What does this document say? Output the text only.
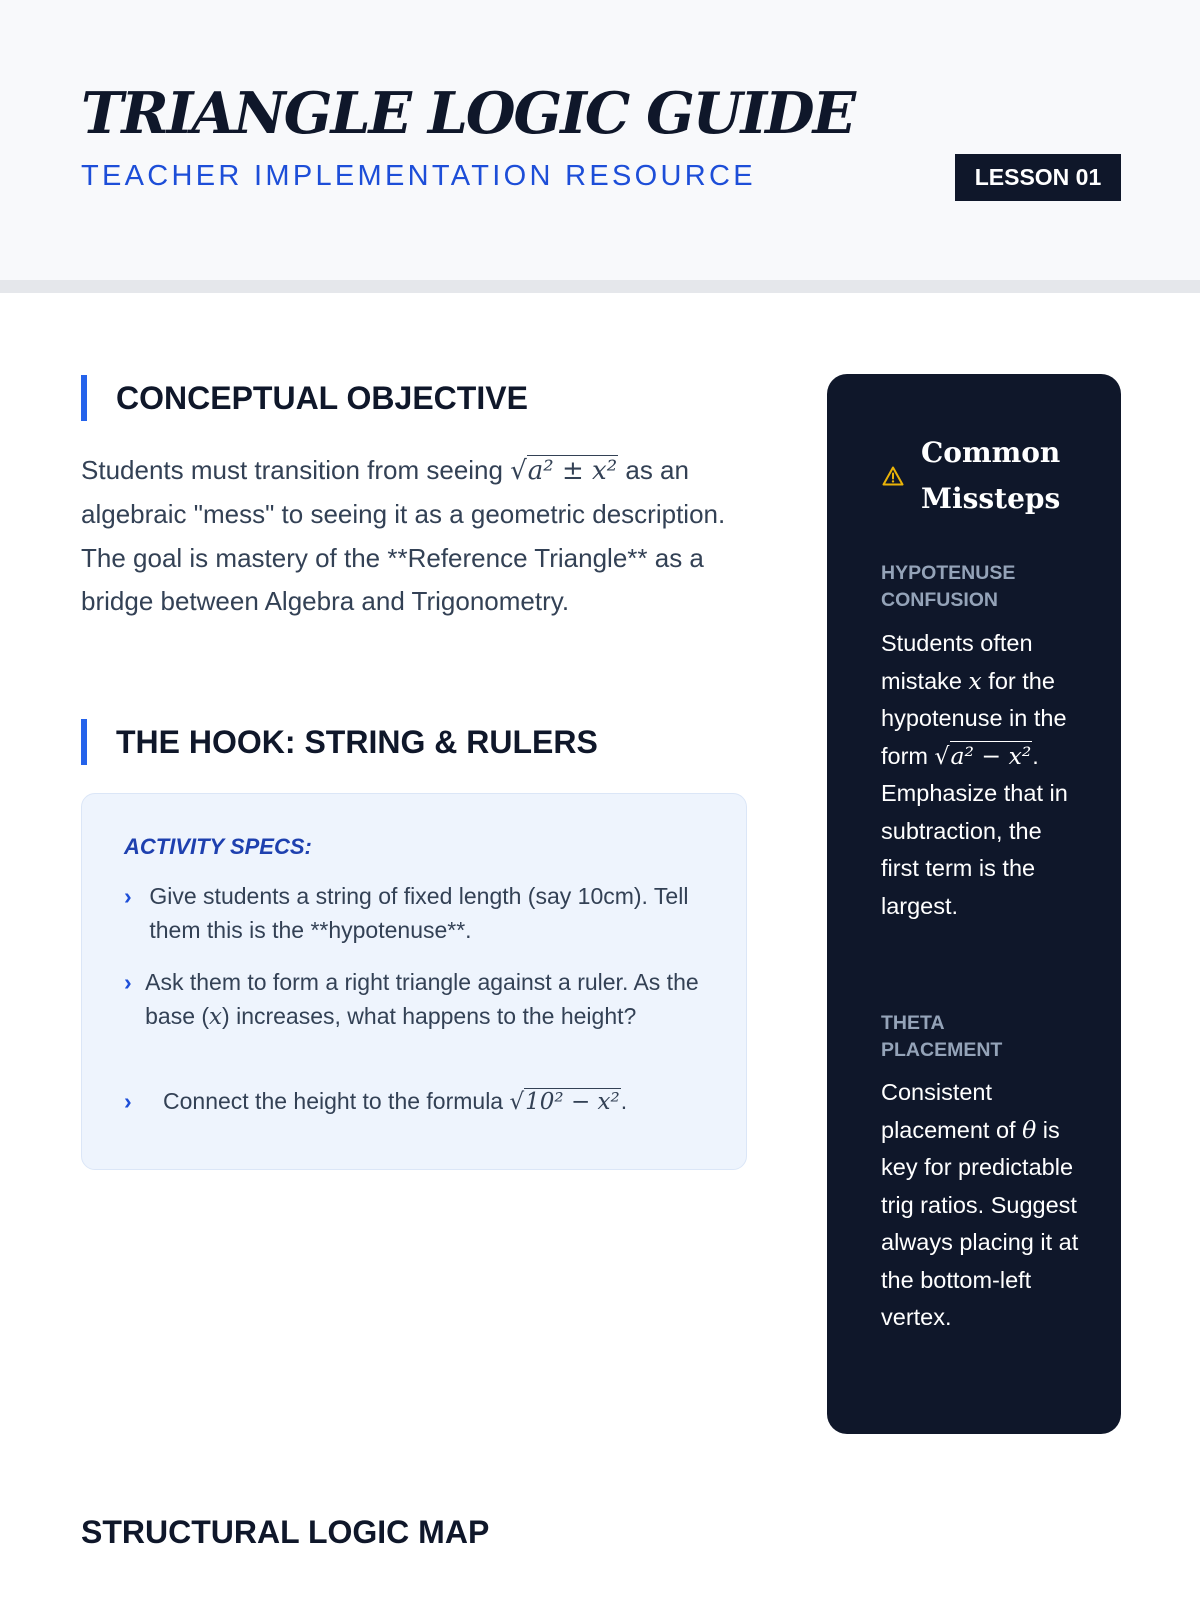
TRIANGLE LOGIC GUIDE
TEACHER IMPLEMENTATION RESOURCE	LESSON 01
CONCEPTUAL OBJECTIVE

Students must transition from seeing √a² ± x² as an algebraic "mess" to seeing it as a geometric description. The goal is mastery of the **Reference Triangle** as a bridge between Algebra and Trigonometry.

THE HOOK: STRING & RULERS
ACTIVITY SPECS:
› Give students a string of fixed length (say 10cm). Tell them this is the **hypotenuse**.
› Ask them to form a right triangle against a ruler. As the base (x) increases, what happens to the height?
›	Connect the height to the formula √10² − x².
Common Missteps
HYPOTENUSE CONFUSION

Students often mistake x for the hypotenuse in the form √a² − x². Emphasize that in subtraction, the first term is the largest.

THETA PLACEMENT

Consistent placement of θ is key for predictable trig ratios. Suggest always placing it at the bottom-left vertex.

STRUCTURAL LOGIC MAP
